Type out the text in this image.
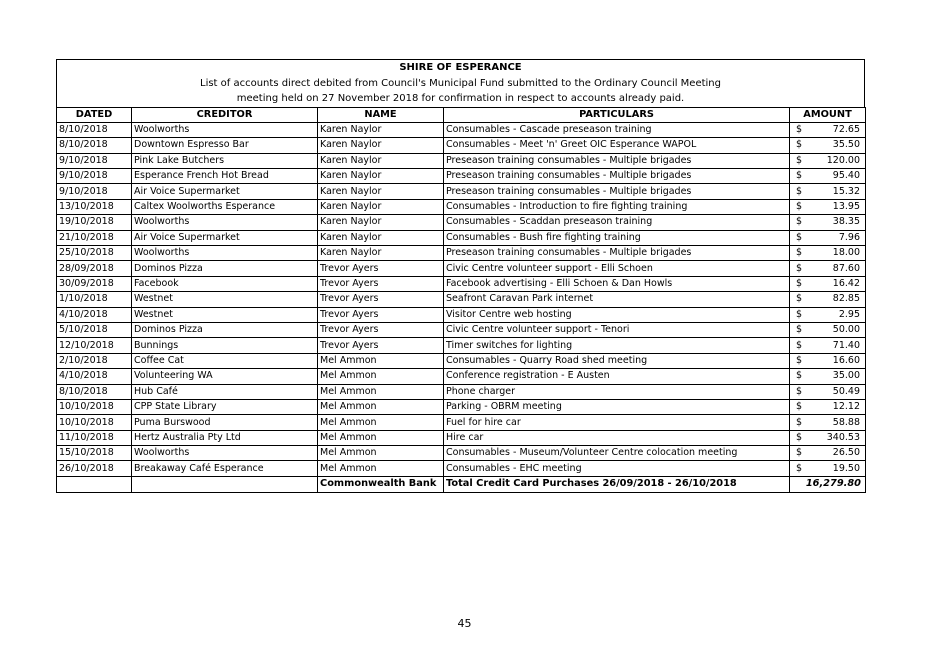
SHIRE OF ESPERANCE
List of accounts direct debited from Council's Municipal Fund submitted to the Ordinary Council Meeting
meeting held on 27 November 2018 for confirmation in respect to accounts already paid.
DATED	CREDITOR	NAME	PARTICULARS	AMOUNT
8/10/2018	Woolworths	Karen Naylor	Consumables - Cascade preseason training	$ 72.65

8/10/2018	Downtown Espresso Bar	Karen Naylor	Consumables - Meet 'n' Greet OIC Esperance WAPOL	$ 35.50

9/10/2018	Pink Lake Butchers	Karen Naylor	Preseason training consumables - Multiple brigades	$ 120.00

9/10/2018	Esperance French Hot Bread	Karen Naylor	Preseason training consumables - Multiple brigades	$ 95.40

9/10/2018	Air Voice Supermarket	Karen Naylor	Preseason training consumables - Multiple brigades	$ 15.32

13/10/2018	Caltex Woolworths Esperance	Karen Naylor	Consumables - Introduction to fire fighting training	$ 13.95

19/10/2018	Woolworths	Karen Naylor	Consumables - Scaddan preseason training	$ 38.35

21/10/2018	Air Voice Supermarket	Karen Naylor	Consumables - Bush fire fighting training	$ 7.96

25/10/2018	Woolworths	Karen Naylor	Preseason training consumables - Multiple brigades	$ 18.00

28/09/2018	Dominos Pizza	Trevor Ayers	Civic Centre volunteer support - Elli Schoen	$ 87.60

30/09/2018	Facebook	Trevor Ayers	Facebook advertising - Elli Schoen & Dan Howls	$ 16.42

1/10/2018	Westnet	Trevor Ayers	Seafront Caravan Park internet	$ 82.85

4/10/2018	Westnet	Trevor Ayers	Visitor Centre web hosting	$ 2.95

5/10/2018	Dominos Pizza	Trevor Ayers	Civic Centre volunteer support - Tenori	$ 50.00

12/10/2018	Bunnings	Trevor Ayers	Timer switches for lighting	$ 71.40

2/10/2018	Coffee Cat	Mel Ammon	Consumables - Quarry Road shed meeting	$ 16.60

4/10/2018	Volunteering WA	Mel Ammon	Conference registration - E Austen	$ 35.00

8/10/2018	Hub Café	Mel Ammon	Phone charger	$ 50.49

10/10/2018	CPP State Library	Mel Ammon	Parking - OBRM meeting	$ 12.12

10/10/2018	Puma Burswood	Mel Ammon	Fuel for hire car	$ 58.88

11/10/2018	Hertz Australia Pty Ltd	Mel Ammon	Hire car	$ 340.53

15/10/2018	Woolworths	Mel Ammon	Consumables - Museum/Volunteer Centre colocation meeting	$ 26.50

26/10/2018	Breakaway Café Esperance	Mel Ammon	Consumables - EHC meeting	$ 19.50

		Commonwealth Bank	Total Credit Card Purchases 26/09/2018 - 26/10/2018	16,279.80
45
